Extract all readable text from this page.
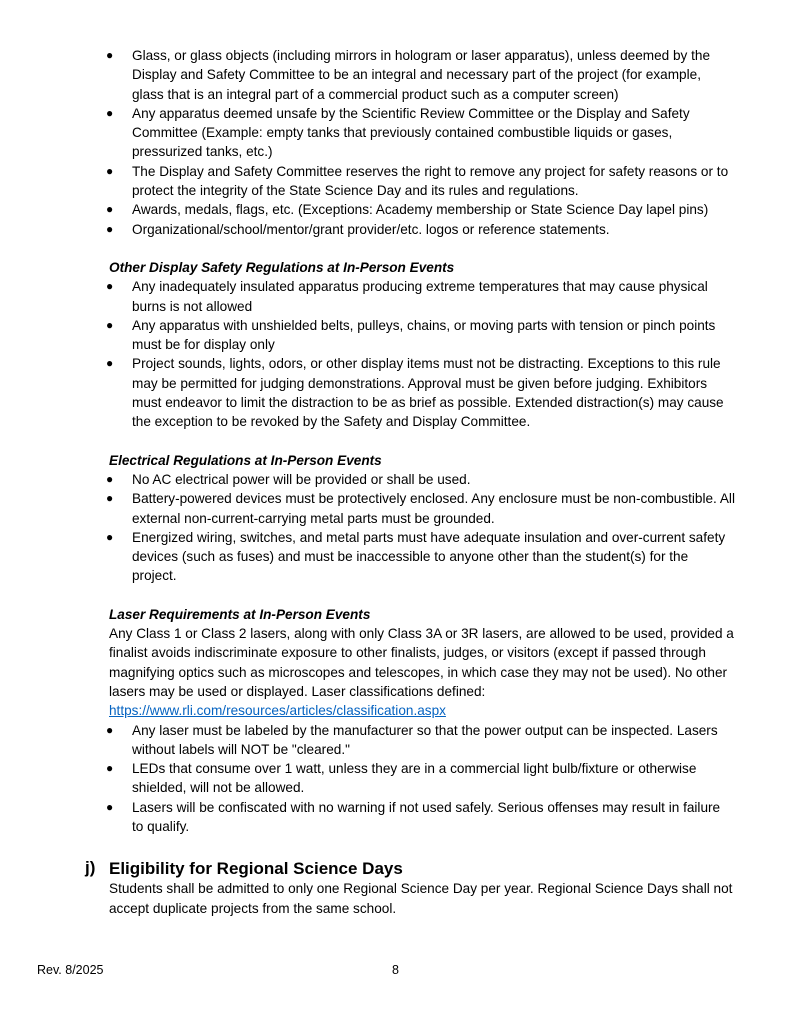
● Glass, or glass objects (including mirrors in hologram or laser apparatus), unless deemed by the Display and Safety Committee to be an integral and necessary part of the project (for example, glass that is an integral part of a commercial product such as a computer screen)
● Any apparatus deemed unsafe by the Scientific Review Committee or the Display and Safety Committee (Example: empty tanks that previously contained combustible liquids or gases, pressurized tanks, etc.)
● The Display and Safety Committee reserves the right to remove any project for safety reasons or to protect the integrity of the State Science Day and its rules and regulations.
● Awards, medals, flags, etc. (Exceptions: Academy membership or State Science Day lapel pins)
● Organizational/school/mentor/grant provider/etc. logos or reference statements.
Other Display Safety Regulations at In-Person Events
● Any inadequately insulated apparatus producing extreme temperatures that may cause physical burns is not allowed
● Any apparatus with unshielded belts, pulleys, chains, or moving parts with tension or pinch points must be for display only
● Project sounds, lights, odors, or other display items must not be distracting. Exceptions to this rule may be permitted for judging demonstrations. Approval must be given before judging. Exhibitors must endeavor to limit the distraction to be as brief as possible. Extended distraction(s) may cause the exception to be revoked by the Safety and Display Committee.
Electrical Regulations at In-Person Events
● No AC electrical power will be provided or shall be used.
● Battery-powered devices must be protectively enclosed. Any enclosure must be non-combustible. All external non-current-carrying metal parts must be grounded.
● Energized wiring, switches, and metal parts must have adequate insulation and over-current safety devices (such as fuses) and must be inaccessible to anyone other than the student(s) for the project.
Laser Requirements at In-Person Events
Any Class 1 or Class 2 lasers, along with only Class 3A or 3R lasers, are allowed to be used, provided a finalist avoids indiscriminate exposure to other finalists, judges, or visitors (except if passed through magnifying optics such as microscopes and telescopes, in which case they may not be used). No other lasers may be used or displayed. Laser classifications defined:
https://www.rli.com/resources/articles/classification.aspx
● Any laser must be labeled by the manufacturer so that the power output can be inspected. Lasers without labels will NOT be "cleared."
● LEDs that consume over 1 watt, unless they are in a commercial light bulb/fixture or otherwise shielded, will not be allowed.
● Lasers will be confiscated with no warning if not used safely. Serious offenses may result in failure to qualify.
j) Eligibility for Regional Science Days
Students shall be admitted to only one Regional Science Day per year. Regional Science Days shall not accept duplicate projects from the same school.
Rev. 8/2025	8
